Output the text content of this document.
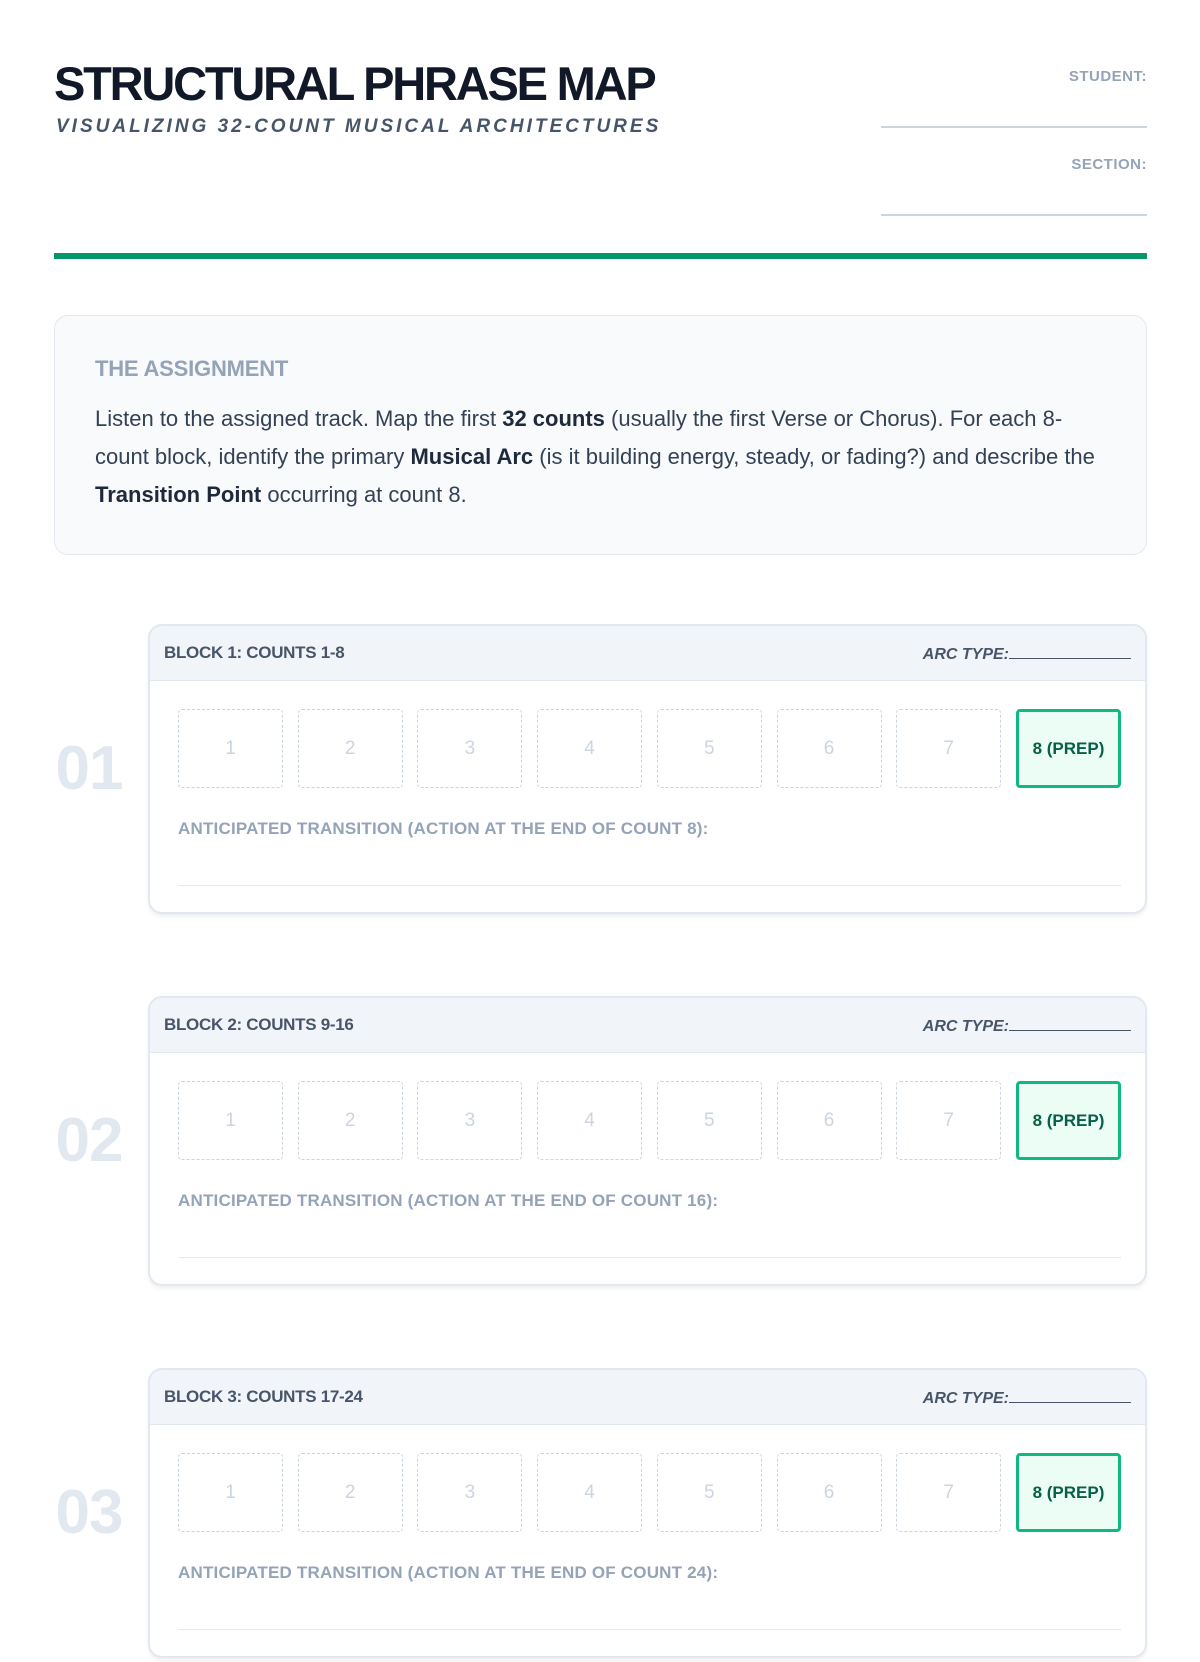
STRUCTURAL PHRASE MAP

VISUALIZING 32-COUNT MUSICAL ARCHITECTURES

STUDENT:
SECTION:
THE ASSIGNMENT

Listen to the assigned track. Map the first 32 counts (usually the first Verse or Chorus). For each 8-count block, identify the primary Musical Arc (is it building energy, steady, or fading?) and describe the Transition Point occurring at count 8.

01
BLOCK 1: COUNTS 1-8	ARC TYPE:
1	2	3	4	5	6	7	8 (PREP)
ANTICIPATED TRANSITION (ACTION AT THE END OF COUNT 8):
02
BLOCK 2: COUNTS 9-16	ARC TYPE:
1	2	3	4	5	6	7	8 (PREP)
ANTICIPATED TRANSITION (ACTION AT THE END OF COUNT 16):
03
BLOCK 3: COUNTS 17-24	ARC TYPE:
1	2	3	4	5	6	7	8 (PREP)
ANTICIPATED TRANSITION (ACTION AT THE END OF COUNT 24):
